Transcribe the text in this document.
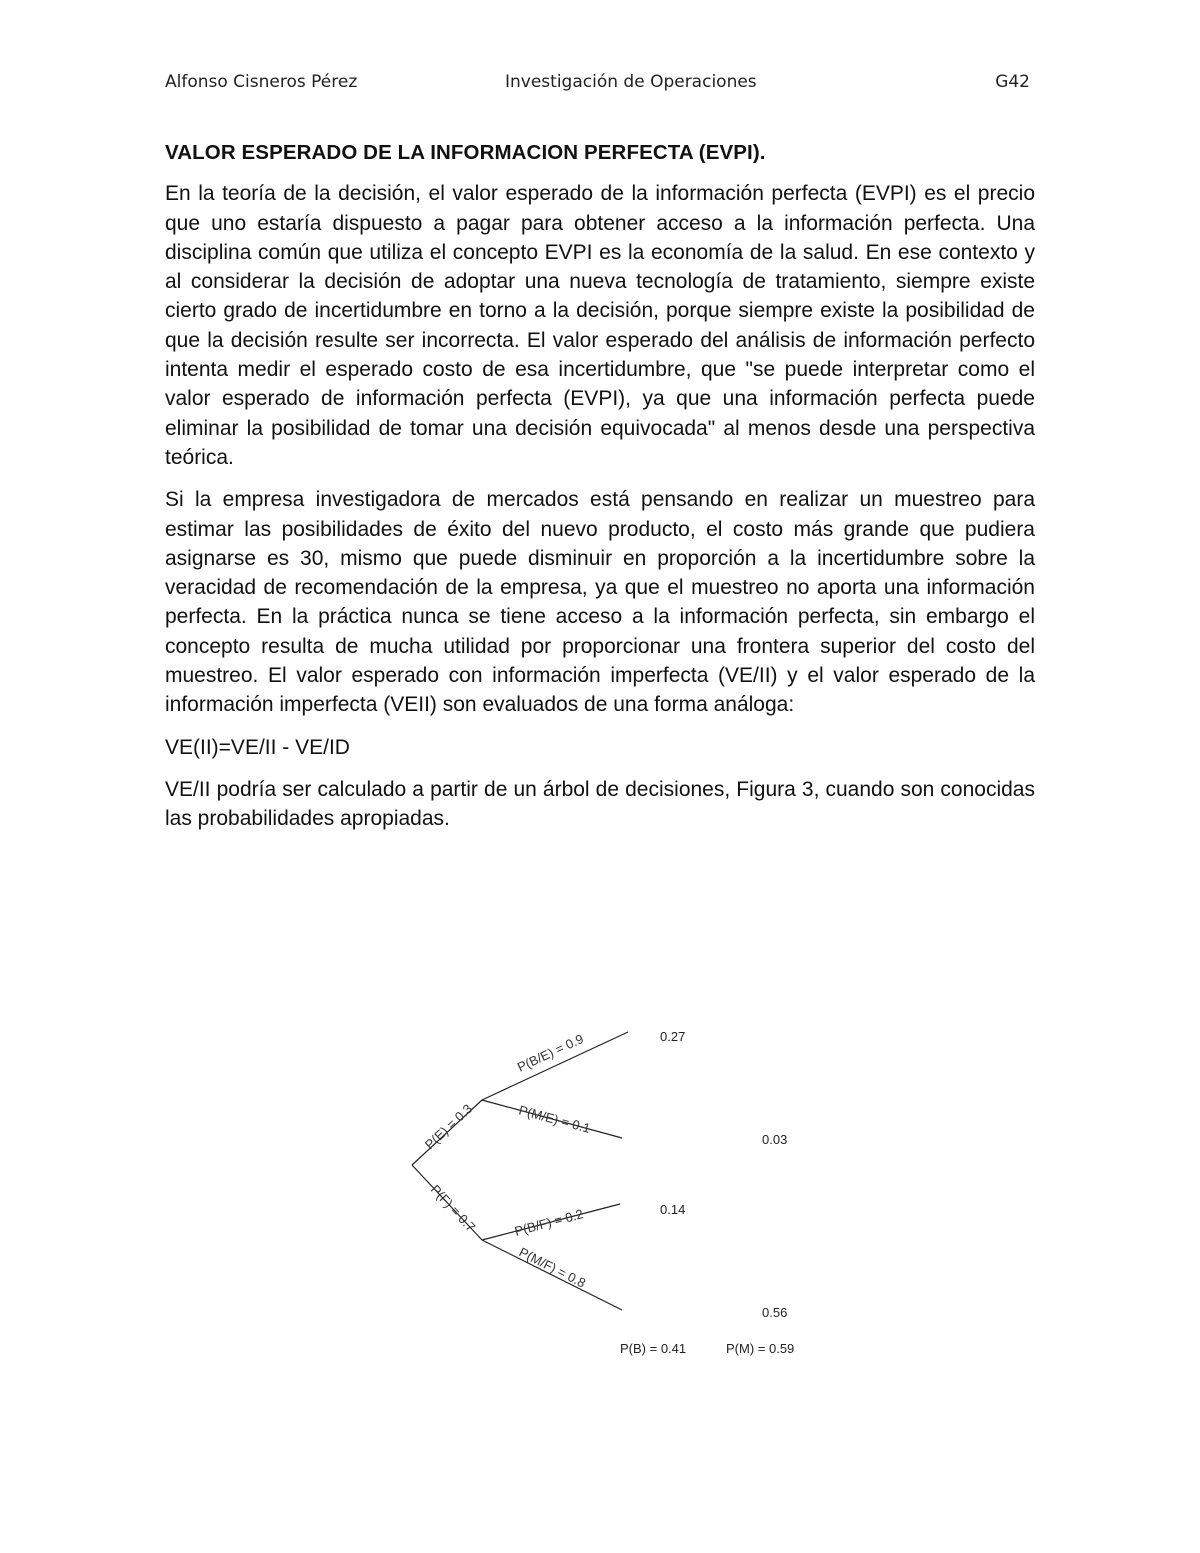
Alfonso Cisneros Pérez	Investigación de Operaciones	G42
VALOR ESPERADO DE LA INFORMACION PERFECTA (EVPI).

En la teoría de la decisión, el valor esperado de la información perfecta (EVPI) es el precio que uno estaría dispuesto a pagar para obtener acceso a la información perfecta. Una disciplina común que utiliza el concepto EVPI es la economía de la salud. En ese contexto y al considerar la decisión de adoptar una nueva tecnología de tratamiento, siempre existe cierto grado de incertidumbre en torno a la decisión, porque siempre existe la posibilidad de que la decisión resulte ser incorrecta. El valor esperado del análisis de información perfecto intenta medir el esperado costo de esa incertidumbre, que "se puede interpretar como el valor esperado de información perfecta (EVPI), ya que una información perfecta puede eliminar la posibilidad de tomar una decisión equivocada" al menos desde una perspectiva teórica.

Si la empresa investigadora de mercados está pensando en realizar un muestreo para estimar las posibilidades de éxito del nuevo producto, el costo más grande que pudiera asignarse es 30, mismo que puede disminuir en proporción a la incertidumbre sobre la veracidad de recomendación de la empresa, ya que el muestreo no aporta una información perfecta. En la práctica nunca se tiene acceso a la información perfecta, sin embargo el concepto resulta de mucha utilidad por proporcionar una frontera superior del costo del muestreo. El valor esperado con información imperfecta (VE/II) y el valor esperado de la información imperfecta (VEII) son evaluados de una forma análoga:

VE(II)=VE/II - VE/ID

VE/II podría ser calculado a partir de un árbol de decisiones, Figura 3, cuando son conocidas las probabilidades apropiadas.

P(E) = 0.3
P(F) = 0.7
P(B/E) = 0.9
P(M/E) = 0.1
P(B/F) = 0.2
P(M/F) = 0.8
0.27
0.03
0.14
0.56
P(B) = 0.41	P(M) = 0.59
